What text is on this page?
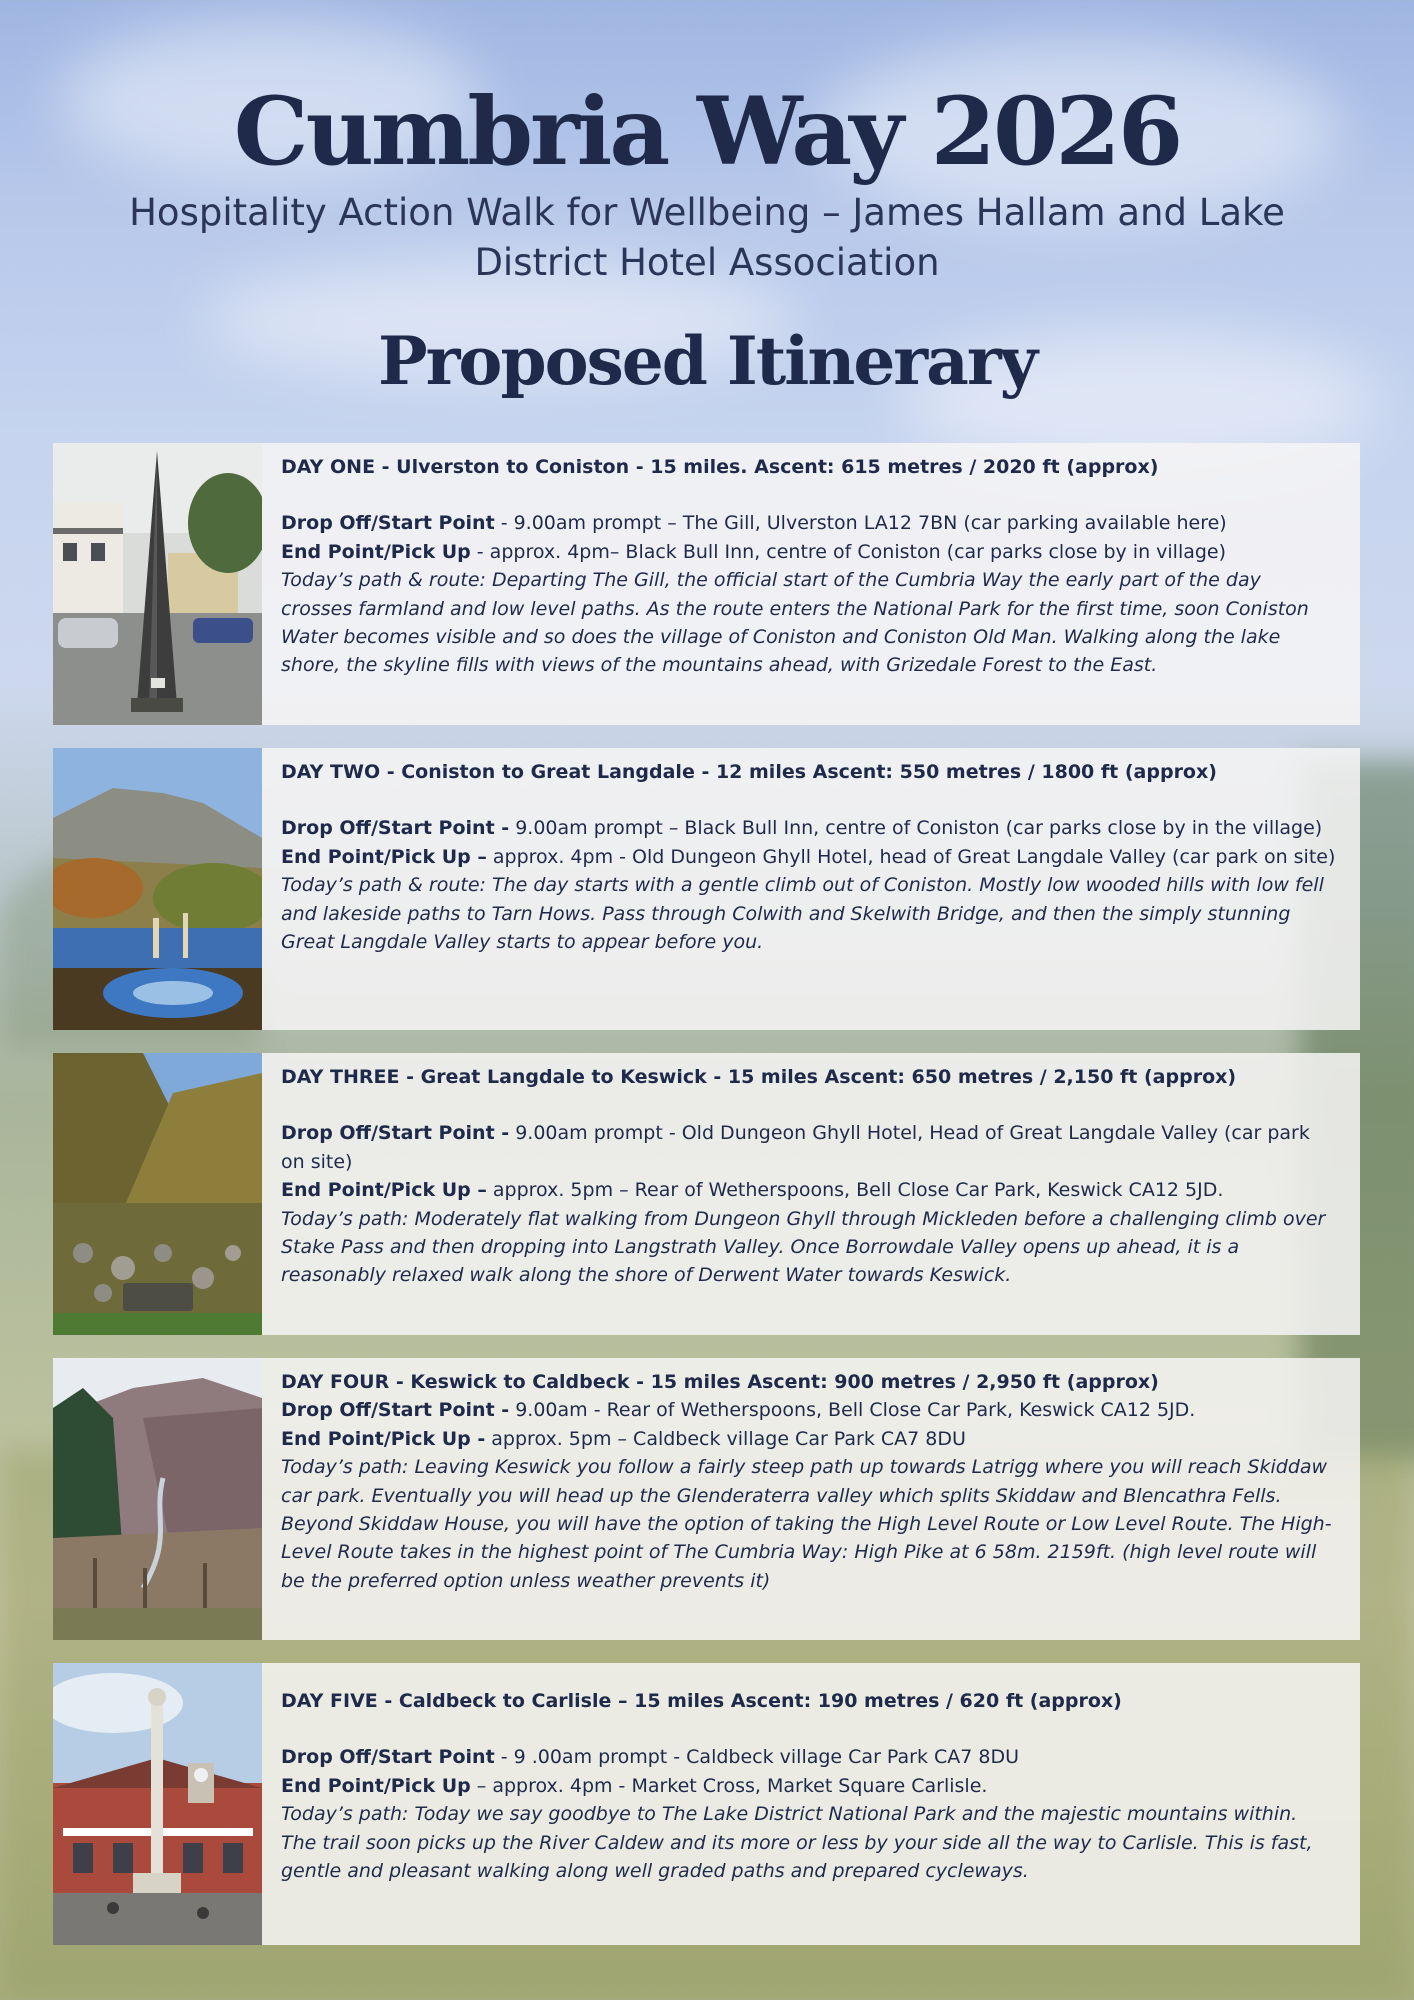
Cumbria Way 2026

Hospitality Action Walk for Wellbeing – James Hallam and Lake District Hotel Association

Proposed Itinerary

DAY ONE - Ulverston to Coniston - 15 miles. Ascent: 615 metres / 2020 ft (approx)

Drop Off/Start Point - 9.00am prompt – The Gill, Ulverston LA12 7BN (car parking available here)

End Point/Pick Up - approx. 4pm– Black Bull Inn, centre of Coniston (car parks close by in village)

Today’s path & route: Departing The Gill, the official start of the Cumbria Way the early part of the day crosses farmland and low level paths. As the route enters the National Park for the first time, soon Coniston Water becomes visible and so does the village of Coniston and Coniston Old Man. Walking along the lake shore, the skyline fills with views of the mountains ahead, with Grizedale Forest to the East.

DAY TWO - Coniston to Great Langdale - 12 miles Ascent: 550 metres / 1800 ft (approx)

Drop Off/Start Point - 9.00am prompt – Black Bull Inn, centre of Coniston (car parks close by in the village)

End Point/Pick Up – approx. 4pm - Old Dungeon Ghyll Hotel, head of Great Langdale Valley (car park on site)

Today’s path & route: The day starts with a gentle climb out of Coniston. Mostly low wooded hills with low fell and lakeside paths to Tarn Hows. Pass through Colwith and Skelwith Bridge, and then the simply stunning Great Langdale Valley starts to appear before you.

DAY THREE - Great Langdale to Keswick - 15 miles Ascent: 650 metres / 2,150 ft (approx)

Drop Off/Start Point - 9.00am prompt - Old Dungeon Ghyll Hotel, Head of Great Langdale Valley (car park on site)

End Point/Pick Up – approx. 5pm – Rear of Wetherspoons, Bell Close Car Park, Keswick CA12 5JD.

Today’s path: Moderately flat walking from Dungeon Ghyll through Mickleden before a challenging climb over Stake Pass and then dropping into Langstrath Valley. Once Borrowdale Valley opens up ahead, it is a reasonably relaxed walk along the shore of Derwent Water towards Keswick.

DAY FOUR - Keswick to Caldbeck - 15 miles Ascent: 900 metres / 2,950 ft (approx)

Drop Off/Start Point - 9.00am - Rear of Wetherspoons, Bell Close Car Park, Keswick CA12 5JD.

End Point/Pick Up - approx. 5pm – Caldbeck village Car Park CA7 8DU

Today’s path: Leaving Keswick you follow a fairly steep path up towards Latrigg where you will reach Skiddaw car park. Eventually you will head up the Glenderaterra valley which splits Skiddaw and Blencathra Fells. Beyond Skiddaw House, you will have the option of taking the High Level Route or Low Level Route. The High-Level Route takes in the highest point of The Cumbria Way: High Pike at 6 58m. 2159ft. (high level route will be the preferred option unless weather prevents it)

DAY FIVE - Caldbeck to Carlisle – 15 miles Ascent: 190 metres / 620 ft (approx)

Drop Off/Start Point - 9 .00am prompt - Caldbeck village Car Park CA7 8DU

End Point/Pick Up – approx. 4pm - Market Cross, Market Square Carlisle.

Today’s path: Today we say goodbye to The Lake District National Park and the majestic mountains within. The trail soon picks up the River Caldew and its more or less by your side all the way to Carlisle. This is fast, gentle and pleasant walking along well graded paths and prepared cycleways.
